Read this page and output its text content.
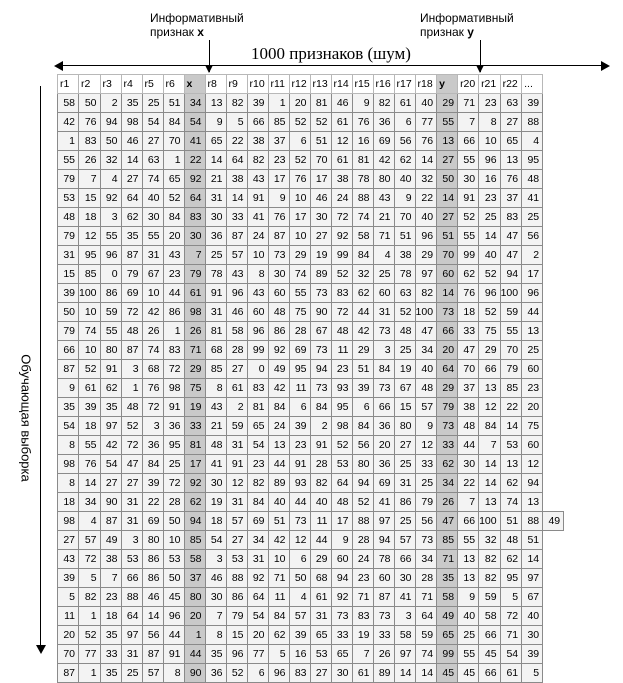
Информативный
признак x
Информативный
признак y
1000 признаков (шум)
Обучающая выборка
r1	r2	r3	r4	r5	r6	x	r8	r9	r10	r11	r12	r13	r14	r15	r16	r17	r18	y	r20	r21	r22	...	
58	50	2	35	25	51	34	13	82	39	1	20	81	46	9	82	61	40	29	71	23	63	39	
42	76	94	98	54	84	54	9	5	66	85	52	52	61	76	36	6	77	55	7	8	27	88	
1	83	50	46	27	70	41	65	22	38	37	6	51	12	16	69	56	76	13	66	10	65	4	
55	26	32	14	63	1	22	14	64	82	23	52	70	61	81	42	62	14	27	55	96	13	95	
79	7	4	27	74	65	92	21	38	43	17	76	17	38	78	80	40	32	50	30	16	76	48	
53	15	92	64	40	52	64	31	14	91	9	10	46	24	88	43	9	22	14	91	23	37	41	
48	18	3	62	30	84	83	30	33	41	76	17	30	72	74	21	70	40	27	52	25	83	25	
79	12	55	35	55	20	30	36	87	24	87	10	27	92	58	71	51	96	51	55	14	47	56	
31	95	96	87	31	43	7	25	57	10	73	29	19	99	84	4	38	29	70	99	40	47	2	
15	85	0	79	67	23	79	78	43	8	30	74	89	52	32	25	78	97	60	62	52	94	17	
39	100	86	69	10	44	61	91	96	43	60	55	73	83	62	60	63	82	14	76	96	100	96	
50	10	59	72	42	86	98	31	46	60	48	75	90	72	44	31	52	100	73	18	52	59	44	
79	74	55	48	26	1	26	81	58	96	86	28	67	48	42	73	48	47	66	33	75	55	13	
66	10	80	87	74	83	71	68	28	99	92	69	73	11	29	3	25	34	20	47	29	70	25	
87	52	91	3	68	72	29	85	27	0	49	95	94	23	51	84	19	40	64	70	66	79	60	
9	61	62	1	76	98	75	8	61	83	42	11	73	93	39	73	67	48	29	37	13	85	23	
35	39	35	48	72	91	19	43	2	81	84	6	84	95	6	66	15	57	79	38	12	22	20	
54	18	97	52	3	36	33	21	59	65	24	39	2	98	84	36	80	9	73	48	84	14	75	
8	55	42	72	36	95	81	48	31	54	13	23	91	52	56	20	27	12	33	44	7	53	60	
98	76	54	47	84	25	17	41	91	23	44	91	28	53	80	36	25	33	62	30	14	13	12	
8	14	27	27	39	72	92	30	12	82	89	93	82	64	94	69	31	25	34	22	14	62	94	
18	34	90	31	22	28	62	19	31	84	40	44	40	48	52	41	86	79	26	7	13	74	13	
98	4	87	31	69	50	94	18	57	69	51	73	11	17	88	97	25	56	47	66	100	51	88	49
27	57	49	3	80	10	85	54	27	34	42	12	44	9	28	94	57	73	85	55	32	48	51	
43	72	38	53	86	53	58	3	53	31	10	6	29	60	24	78	66	34	71	13	82	62	14	
39	5	7	66	86	50	37	46	88	92	71	50	68	94	23	60	30	28	35	13	82	95	97	
5	82	23	88	46	45	80	30	86	64	11	4	61	92	71	87	41	71	58	9	59	5	67	
11	1	18	64	14	96	20	7	79	54	84	57	31	73	83	73	3	64	49	40	58	72	40	
20	52	35	97	56	44	1	8	15	20	62	39	65	33	19	33	58	59	65	25	66	71	30	
70	77	33	31	87	91	44	35	96	77	5	16	53	65	7	26	97	74	99	55	45	54	39	
87	1	35	25	57	8	90	36	52	6	96	83	27	30	61	89	14	14	45	45	66	61	5	
